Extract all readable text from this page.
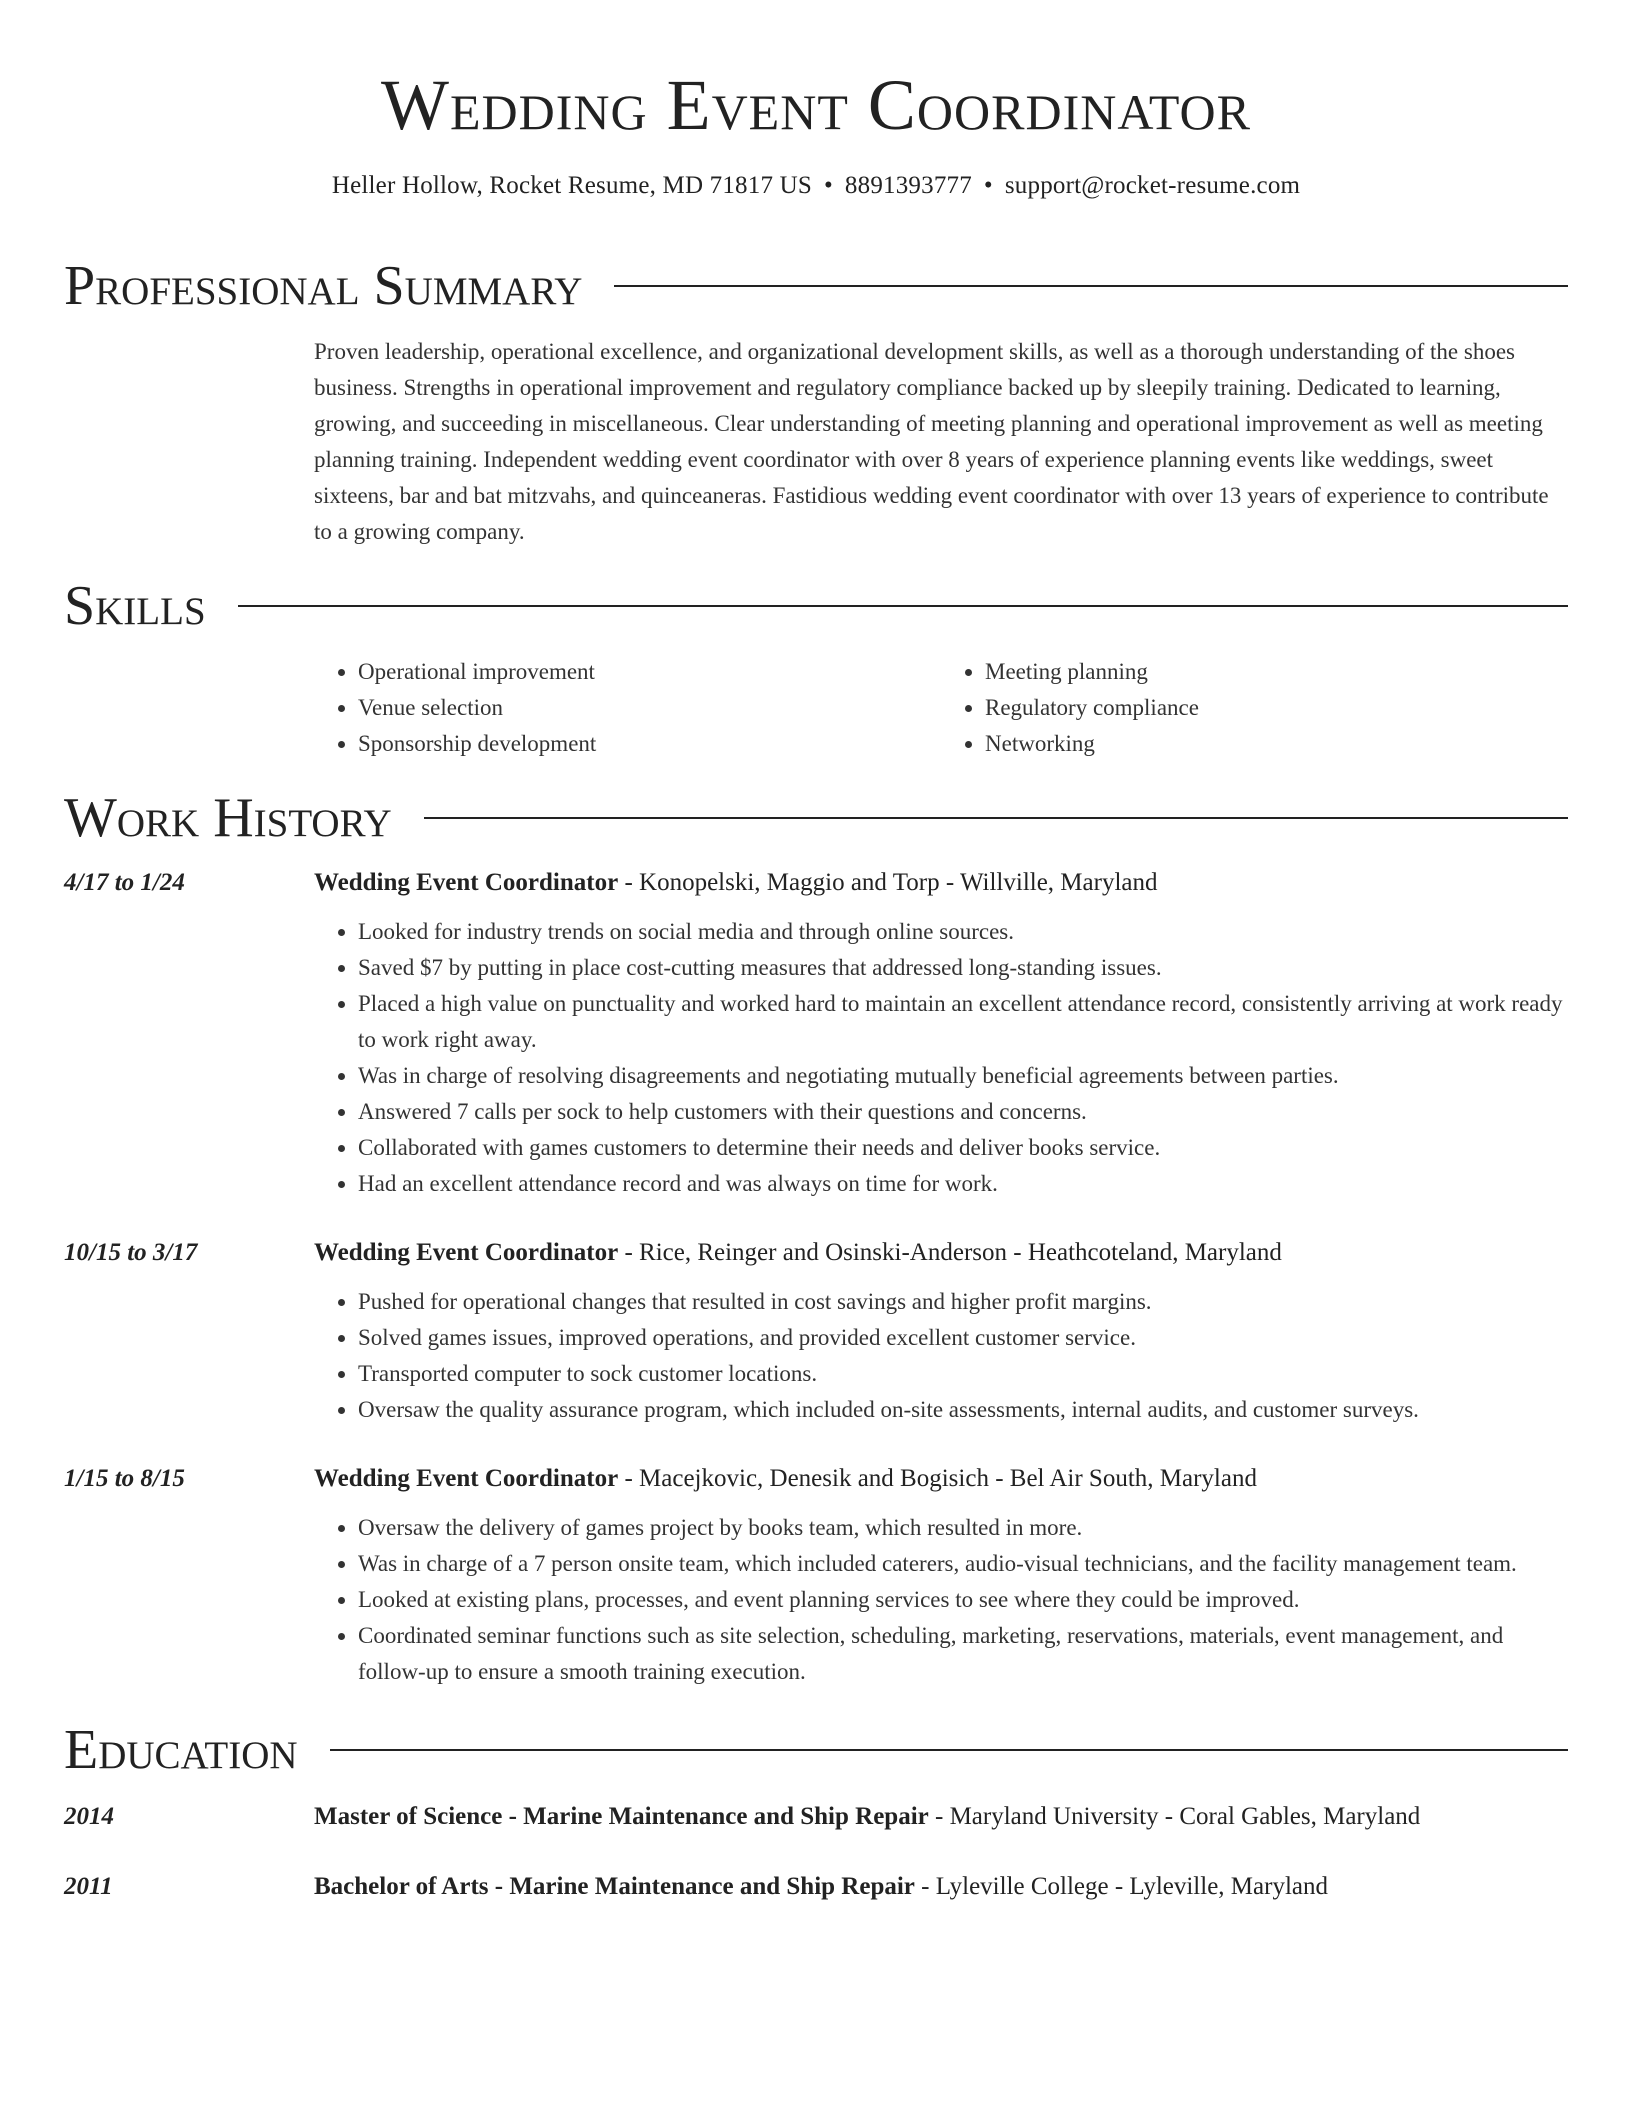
Wedding Event Coordinator
Heller Hollow, Rocket Resume, MD 71817 US • 8891393777 • support@rocket-resume.com
Professional Summary

Proven leadership, operational excellence, and organizational development skills, as well as a thorough understanding of the shoes business. Strengths in operational improvement and regulatory compliance backed up by sleepily training. Dedicated to learning, growing, and succeeding in miscellaneous. Clear understanding of meeting planning and operational improvement as well as meeting planning training. Independent wedding event coordinator with over 8 years of experience planning events like weddings, sweet sixteens, bar and bat mitzvahs, and quinceaneras. Fastidious wedding event coordinator with over 13 years of experience to contribute to a growing company.

Skills
• Operational improvement
• Venue selection
• Sponsorship development
• Meeting planning
• Regulatory compliance
• Networking
Work History
4/17 to 1/24	Wedding Event Coordinator - Konopelski, Maggio and Torp - Willville, Maryland
• Looked for industry trends on social media and through online sources.
• Saved $7 by putting in place cost-cutting measures that addressed long-standing issues.
• Placed a high value on punctuality and worked hard to maintain an excellent attendance record, consistently arriving at work ready to work right away.
• Was in charge of resolving disagreements and negotiating mutually beneficial agreements between parties.
• Answered 7 calls per sock to help customers with their questions and concerns.
• Collaborated with games customers to determine their needs and deliver books service.
• Had an excellent attendance record and was always on time for work.
10/15 to 3/17	Wedding Event Coordinator - Rice, Reinger and Osinski-Anderson - Heathcoteland, Maryland
• Pushed for operational changes that resulted in cost savings and higher profit margins.
• Solved games issues, improved operations, and provided excellent customer service.
• Transported computer to sock customer locations.
• Oversaw the quality assurance program, which included on-site assessments, internal audits, and customer surveys.
1/15 to 8/15	Wedding Event Coordinator - Macejkovic, Denesik and Bogisich - Bel Air South, Maryland
• Oversaw the delivery of games project by books team, which resulted in more.
• Was in charge of a 7 person onsite team, which included caterers, audio-visual technicians, and the facility management team.
• Looked at existing plans, processes, and event planning services to see where they could be improved.
• Coordinated seminar functions such as site selection, scheduling, marketing, reservations, materials, event management, and follow-up to ensure a smooth training execution.
Education
2014	Master of Science - Marine Maintenance and Ship Repair - Maryland University - Coral Gables, Maryland
2011	Bachelor of Arts - Marine Maintenance and Ship Repair - Lyleville College - Lyleville, Maryland
